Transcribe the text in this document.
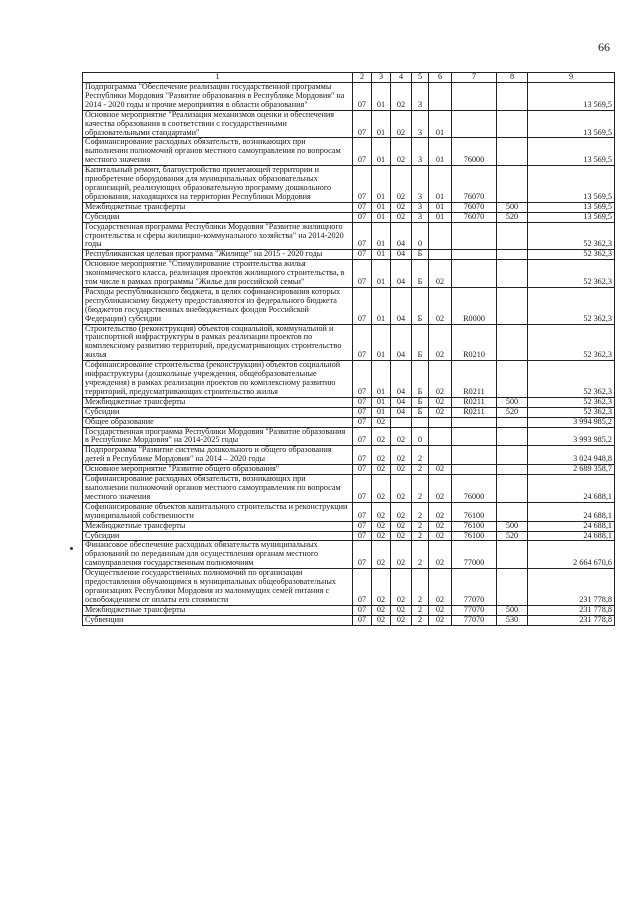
66
1	2	3	4	5	6	7	8	9
Подпрограмма "Обеспечение реализации государственной программы Республики Мордовия "Развитие образования в Республике Мордовия" на 2014 - 2020 годы и прочие мероприятия в области образования"	07	01	02	3				13 569,5
Основное мероприятие "Реализация механизмов оценки и обеспечения качества образования в соответствии с государственными образовательными стандартами"	07	01	02	3	01			13 569,5
Софинансирование расходных обязательств, возникающих при выполнении полномочий органов местного самоуправления по вопросам местного значения	07	01	02	3	01	76000		13 569,5
Капитальный ремонт, благоустройство прилегающей территории и приобретение оборудования для муниципальных образовательных организаций, реализующих образовательную программу дошкольного образования, находящихся на территории Республики Мордовия	07	01	02	3	01	76070		13 569,5
Межбюджетные трансферты	07	01	02	3	01	76070	500	13 569,5
Субсидии	07	01	02	3	01	76070	520	13 569,5
Государственная программа Республики Мордовия "Развитие жилищного строительства и сферы жилищно-коммунального хозяйства" на 2014-2020 годы	07	01	04	0				52 362,3
Республиканская целевая программа "Жилище" на 2015 - 2020 годы	07	01	04	Б				52 362,3
Основное мероприятие "Стимулирование строительства жилья экономического класса, реализация проектов жилищного строительства, в том числе в рамках программы "Жилье для российской семьи"	07	01	04	Б	02			52 362,3
Расходы республиканского бюджета, в целях софинансирования которых республиканскому бюджету предоставляются из федерального бюджета (бюджетов государственных внебюджетных фондов Российской Федерации) субсидии	07	01	04	Б	02	R0000		52 362,3
Строительство (реконструкция) объектов социальной, коммунальной и транспортной инфраструктуры в рамках реализации проектов по комплексному развитию территорий, предусматривающих строительство жилья	07	01	04	Б	02	R0210		52 362,3
Софинансирование строительства (реконструкции) объектов социальной инфраструктуры (дошкольные учреждения, общеобразовательные учреждения) в рамках реализации проектов по комплексному развитию территорий, предусматривающих строительство жилья	07	01	04	Б	02	R0211		52 362,3
Межбюджетные трансферты	07	01	04	Б	02	R0211	500	52 362,3
Субсидии	07	01	04	Б	02	R0211	520	52 362,3
Общее образование	07	02						3 994 985,2
Государственная программа Республики Мордовия "Развитие образования в Республике Мордовия" на 2014-2025 годы	07	02	02	0				3 993 985,2
Подпрограмма "Развитие системы дошкольного и общего образования детей в Республике Мордовия" на 2014 – 2020 годы	07	02	02	2				3 024 948,8
Основное мероприятие "Развитие общего образования"	07	02	02	2	02			2 689 358,7
Софинансирование расходных обязательств, возникающих при выполнении полномочий органов местного самоуправления по вопросам местного значения	07	02	02	2	02	76000		24 688,1
Софинансирование объектов капитального строительства и реконструкции муниципальной собственности	07	02	02	2	02	76100		24 688,1
Межбюджетные трансферты	07	02	02	2	02	76100	500	24 688,1
Субсидии	07	02	02	2	02	76100	520	24 688,1
Финансовое обеспечение расходных обязательств муниципальных образований по переданным для осуществления органам местного самоуправления государственным полномочиям	07	02	02	2	02	77000		2 664 670,6
Осуществление государственных полномочий по организации предоставления обучающимся в муниципальных общеобразовательных организациях Республики Мордовия из малоимущих семей питания с освобождением от оплаты его стоимости	07	02	02	2	02	77070		231 778,8
Межбюджетные трансферты	07	02	02	2	02	77070	500	231 778,8
Субвенции	07	02	02	2	02	77070	530	231 778,8
